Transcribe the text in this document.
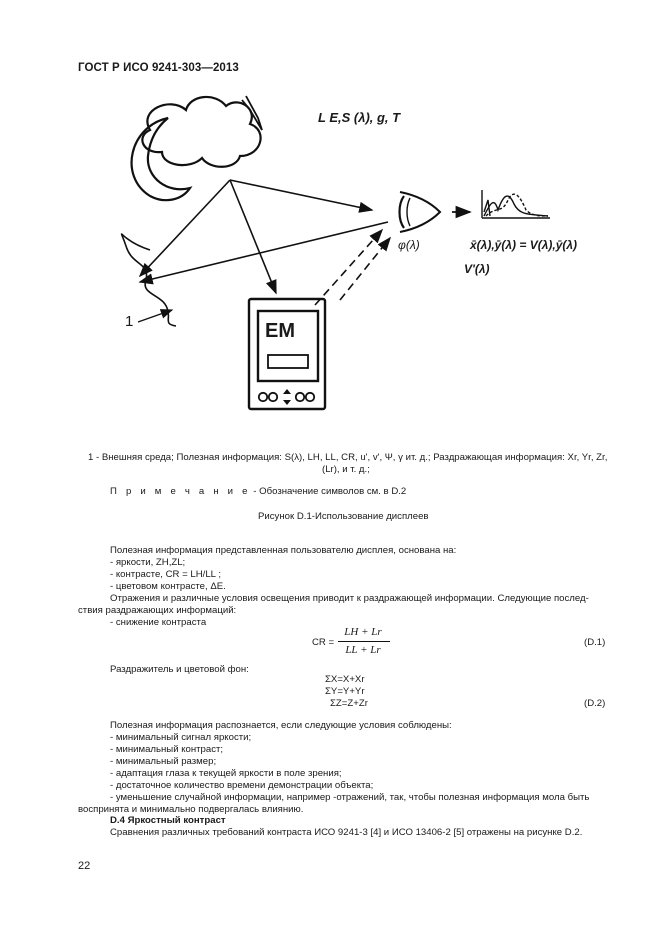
ГОСТ Р ИСО 9241-303—2013
L E,S (λ), g, T
φ(λ)	x̄(λ),ȳ(λ) = V(λ),ȳ(λ)
V'(λ)
EM
1
1 - Внешняя среда; Полезная информация: S(λ), LH, LL, CR, u', v', Ψ, γ ит. д.; Раздражающая информация: Xr, Yr, Zr,
(Lr), и т. д.;
П р и м е ч а н и е - Обозначение символов см. в D.2
Рисунок D.1-Использование дисплеев
Полезная информация представленная пользователю дисплея, основана на:
- яркости, ZH,ZL;
- контрасте, CR = LH/LL ;
- цветовом контрасте, ΔE.
Отражения и различные условия освещения приводит к раздражающей информации. Следующие послед-
ствия раздражающих информаций:
- снижение контраста
CR =
LH + Lr
LL + Lr
(D.1)
Раздражитель и цветовой фон:
ΣX=X+Xr
ΣY=Y+Yr
ΣZ=Z+Zr	(D.2)
Полезная информация распознается, если следующие условия соблюдены:
- минимальный сигнал яркости;
- минимальный контраст;
- минимальный размер;
- адаптация глаза к текущей яркости в поле зрения;
- достаточное количество времени демонстрации объекта;
- уменьшение случайной информации, например -отражений, так, чтобы полезная информация мола быть
воспринята и минимально подвергалась влиянию.
D.4 Яркостный контраст
Сравнения различных требований контраста ИСО 9241-3 [4] и ИСО 13406-2 [5] отражены на рисунке D.2.
22
